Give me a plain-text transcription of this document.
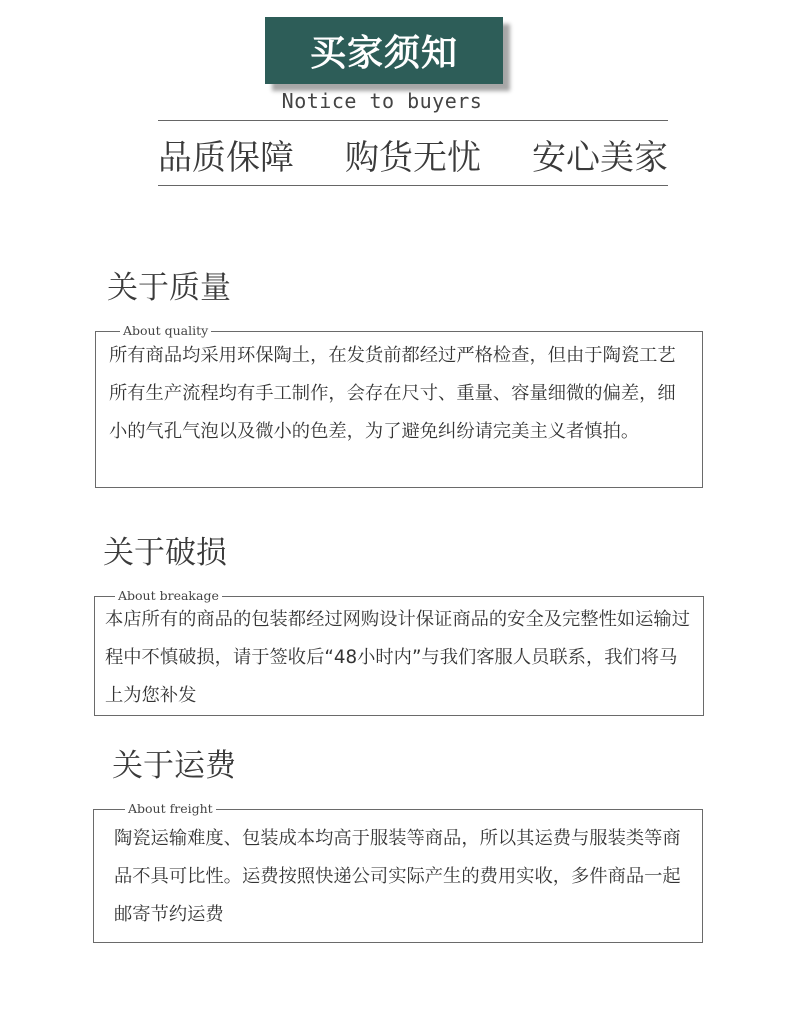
买家须知
Notice to buyers
品质保障 购货无忧 安心美家
关于质量
About quality

所有商品均采用环保陶土，在发货前都经过严格检查，但由于陶瓷工艺所有生产流程均有手工制作，会存在尺寸、重量、容量细微的偏差，细小的气孔气泡以及微小的色差，为了避免纠纷请完美主义者慎拍。

关于破损
About breakage

本店所有的商品的包装都经过网购设计保证商品的安全及完整性如运输过程中不慎破损，请于签收后“48小时内”与我们客服人员联系，我们将马上为您补发

关于运费
About freight

陶瓷运输难度、包装成本均高于服装等商品，所以其运费与服装类等商品不具可比性。运费按照快递公司实际产生的费用实收，多件商品一起邮寄节约运费
